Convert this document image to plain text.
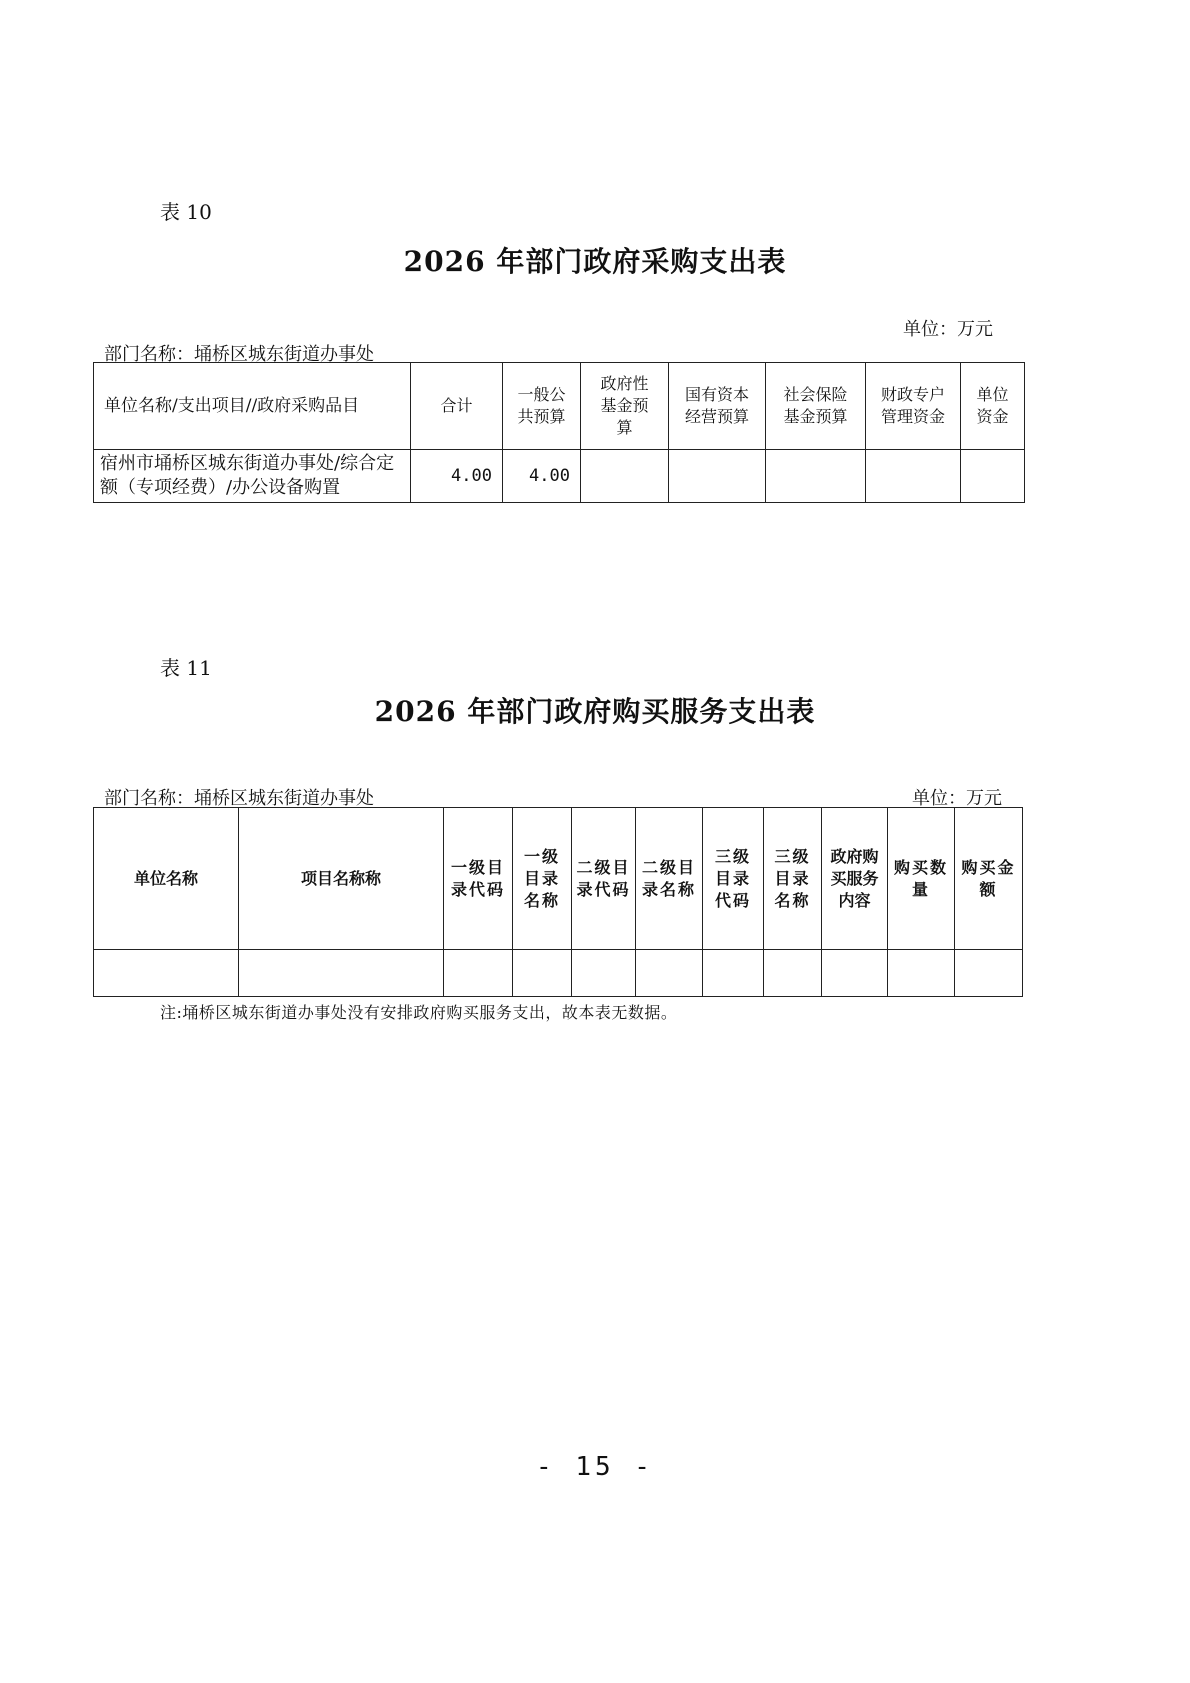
表 10
2026 年部门政府采购支出表
单位：万元
部门名称：埇桥区城东街道办事处
单位名称/支出项目//政府采购品目	合计	一般公共预算	政府性基金预算	国有资本经营预算	社会保险基金预算	财政专户管理资金	单位资金
宿州市埇桥区城东街道办事处/综合定额（专项经费）/办公设备购置	4.00	4.00					
表 11
2026 年部门政府购买服务支出表
部门名称：埇桥区城东街道办事处	单位：万元
单位名称	项目名称称	一级目录代码	一级目录名称	二级目录代码	二级目录名称	三级目录代码	三级目录名称	政府购买服务内容	购买数量	购买金额

注:埇桥区城东街道办事处没有安排政府购买服务支出，故本表无数据。
- 15 -
